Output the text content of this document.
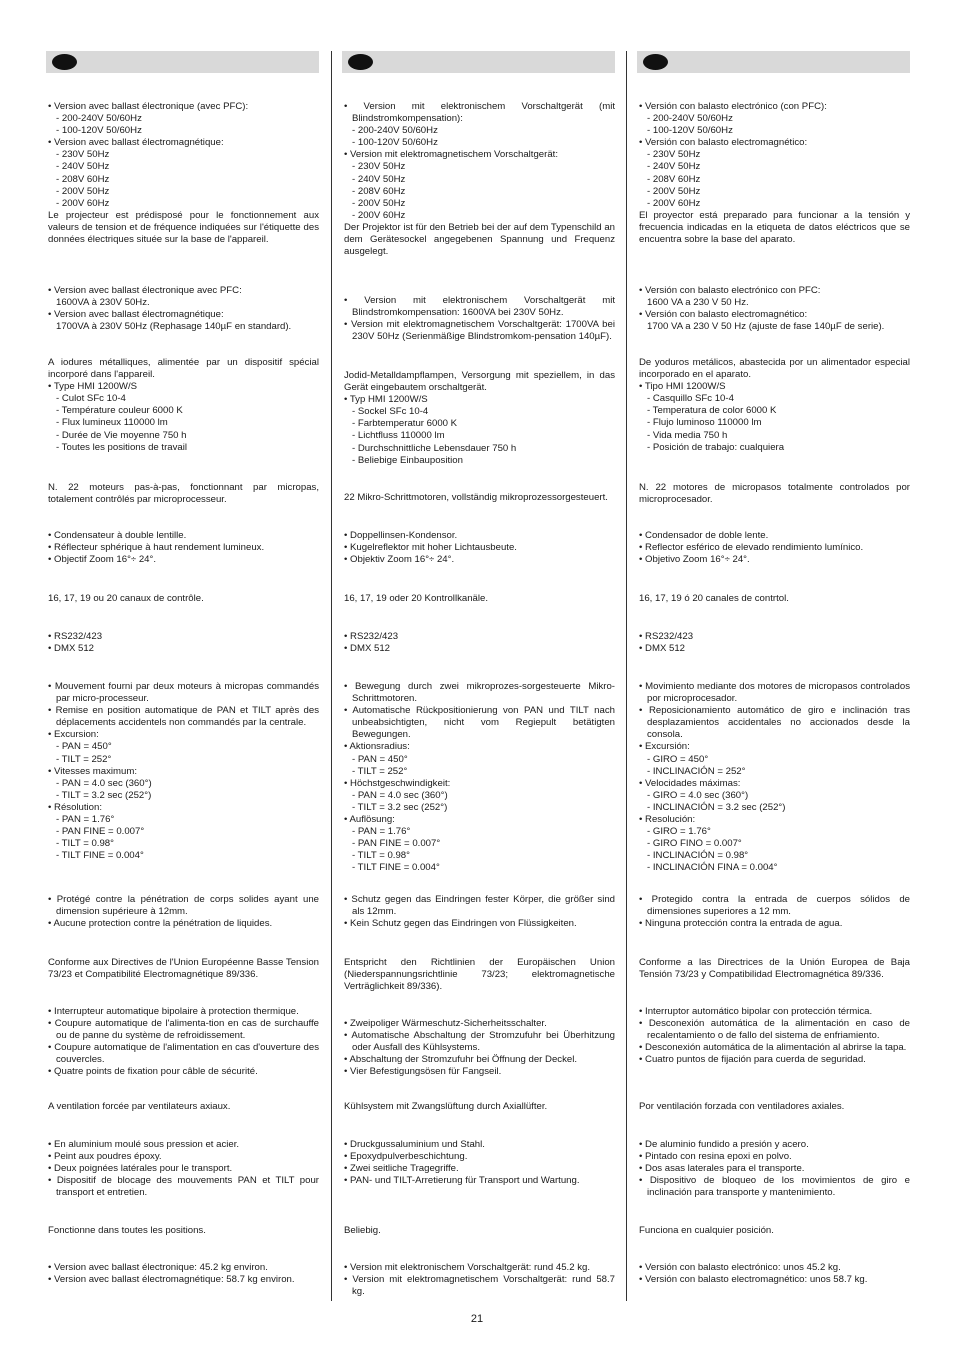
• Version avec ballast électronique (avec PFC):
- 200-240V 50/60Hz
- 100-120V 50/60Hz
• Version avec ballast électromagnétique:
- 230V 50Hz
- 240V 50Hz
- 208V 60Hz
- 200V 50Hz
- 200V 60Hz
Le projecteur est prédisposé pour le fonctionnement aux valeurs de tension et de fréquence indiquées sur l'étiquette des données électriques située sur la base de l'appareil.
• Version avec ballast électronique avec PFC:
1600VA à 230V 50Hz.
• Version avec ballast électromagnétique:
1700VA à 230V 50Hz (Rephasage 140µF en standard).
A iodures métalliques, alimentée par un dispositif spécial incorporé dans l'appareil.
• Type HMI 1200W/S
- Culot SFc 10-4
- Température couleur 6000 K
- Flux lumineux 110000 lm
- Durée de Vie moyenne 750 h
- Toutes les positions de travail
N. 22 moteurs pas-à-pas, fonctionnant par micropas, totalement contrôlés par microprocesseur.
• Condensateur à double lentille.
• Réflecteur sphérique à haut rendement lumineux.
• Objectif Zoom 16°÷ 24°.
16, 17, 19 ou 20 canaux de contrôle.
• RS232/423
• DMX 512
• Mouvement fourni par deux moteurs à micropas commandés par micro-processeur.
• Remise en position automatique de PAN et TILT après des déplacements accidentels non commandés par la centrale.
• Excursion:
- PAN = 450°
- TILT = 252°
• Vitesses maximum:
- PAN = 4.0 sec (360°)
- TILT = 3.2 sec (252°)
• Résolution:
- PAN = 1.76°
- PAN FINE = 0.007°
- TILT = 0.98°
- TILT FINE = 0.004°
• Protégé contre la pénétration de corps solides ayant une dimension supérieure à 12mm.
• Aucune protection contre la pénétration de liquides.
Conforme aux Directives de l'Union Européenne Basse Tension 73/23 et Compatibilité Electromagnétique 89/336.
• Interrupteur automatique bipolaire à protection thermique.
• Coupure automatique de l'alimenta-tion en cas de surchauffe ou de panne du système de refroidissement.
• Coupure automatique de l'alimentation en cas d'ouverture des couvercles.
• Quatre points de fixation pour câble de sécurité.
A ventilation forcée par ventilateurs axiaux.
• En aluminium moulé sous pression et acier.
• Peint aux poudres époxy.
• Deux poignées latérales pour le transport.
• Dispositif de blocage des mouvements PAN et TILT pour transport et entretien.
Fonctionne dans toutes les positions.
• Version avec ballast électronique: 45.2 kg environ.
• Version avec ballast électromagnétique: 58.7 kg environ.
• Version mit elektronischem Vorschaltgerät (mit Blindstromkompensation):
- 200-240V 50/60Hz
- 100-120V 50/60Hz
• Version mit elektromagnetischem Vorschaltgerät:
- 230V 50Hz
- 240V 50Hz
- 208V 60Hz
- 200V 50Hz
- 200V 60Hz
Der Projektor ist für den Betrieb bei der auf dem Typenschild an dem Gerätesockel angegebenen Spannung und Frequenz ausgelegt.
• Version mit elektronischem Vorschaltgerät mit Blindstromkompensation: 1600VA bei 230V 50Hz.
• Version mit elektromagnetischem Vorschaltgerät: 1700VA bei 230V 50Hz (Serienmäßige Blindstromkom-pensation 140µF).
Jodid-Metalldampflampen, Versorgung mit speziellem, in das Gerät eingebautem orschaltgerät.
• Typ HMI 1200W/S
- Sockel SFc 10-4
- Farbtemperatur 6000 K
- Lichtfluss 110000 lm
- Durchschnittliche Lebensdauer 750 h
- Beliebige Einbauposition
22 Mikro-Schrittmotoren, vollständig mikroprozessorgesteuert.
• Doppellinsen-Kondensor.
• Kugelreflektor mit hoher Lichtausbeute.
• Objektiv Zoom 16°÷ 24°.
16, 17, 19 oder 20 Kontrollkanäle.
• RS232/423
• DMX 512
• Bewegung durch zwei mikroprozes-sorgesteuerte Mikro-Schrittmotoren.
• Automatische Rückpositionierung von PAN und TILT nach unbeabsichtigten, nicht vom Regiepult betätigten Bewegungen.
• Aktionsradius:
- PAN = 450°
- TILT = 252°
• Höchstgeschwindigkeit:
- PAN = 4.0 sec (360°)
- TILT = 3.2 sec (252°)
• Auflösung:
- PAN = 1.76°
- PAN FINE = 0.007°
- TILT = 0.98°
- TILT FINE = 0.004°
• Schutz gegen das Eindringen fester Körper, die größer sind als 12mm.
• Kein Schutz gegen das Eindringen von Flüssigkeiten.
Entspricht den Richtlinien der Europäischen Union (Niederspannungsrichtlinie 73/23; elektromagnetische Verträglichkeit 89/336).
• Zweipoliger Wärmeschutz-Sicherheitsschalter.
• Automatische Abschaltung der Stromzufuhr bei Überhitzung oder Ausfall des Kühlsystems.
• Abschaltung der Stromzufuhr bei Öffnung der Deckel.
• Vier Befestigungsösen für Fangseil.
Kühlsystem mit Zwangslüftung durch Axiallüfter.
• Druckgussaluminium und Stahl.
• Epoxydpulverbeschichtung.
• Zwei seitliche Tragegriffe.
• PAN- und TILT-Arretierung für Transport und Wartung.
Beliebig.
• Version mit elektronischem Vorschaltgerät: rund 45.2 kg.
• Version mit elektromagnetischem Vorschaltgerät: rund 58.7 kg.
• Versión con balasto electrónico (con PFC):
- 200-240V 50/60Hz
- 100-120V 50/60Hz
• Versión con balasto electromagnético:
- 230V 50Hz
- 240V 50Hz
- 208V 60Hz
- 200V 50Hz
- 200V 60Hz
El proyector está preparado para funcionar a la tensión y frecuencia indicadas en la etiqueta de datos eléctricos que se encuentra sobre la base del aparato.
• Versión con balasto electrónico con PFC:
1600 VA a 230 V 50 Hz.
• Versión con balasto electromagnético:
1700 VA a 230 V 50 Hz (ajuste de fase 140µF de serie).
De yoduros metálicos, abastecida por un alimentador especial incorporado en el aparato.
• Tipo HMI 1200W/S
- Casquillo SFc 10-4
- Temperatura de color 6000 K
- Flujo luminoso 110000 lm
- Vida media 750 h
- Posición de trabajo: cualquiera
N. 22 motores de micropasos totalmente controlados por microprocesador.
• Condensador de doble lente.
• Reflector esférico de elevado rendimiento lumínico.
• Objetivo Zoom 16°÷ 24°.
16, 17, 19 ó 20 canales de contrtol.
• RS232/423
• DMX 512
• Movimiento mediante dos motores de micropasos controlados por microprocesador.
• Reposicionamiento automático de giro e inclinación tras desplazamientos accidentales no accionados desde la consola.
• Excursión:
- GIRO = 450°
- INCLINACIÓN = 252°
• Velocidades máximas:
- GIRO = 4.0 sec (360°)
- INCLINACIÓN = 3.2 sec (252°)
• Resolución:
- GIRO = 1.76°
- GIRO FINO = 0.007°
- INCLINACIÓN = 0.98°
- INCLINACIÓN FINA = 0.004°
• Protegido contra la entrada de cuerpos sólidos de dimensiones superiores a 12 mm.
• Ninguna protección contra la entrada de agua.
Conforme a las Directrices de la Unión Europea de Baja Tensión 73/23 y Compatibilidad Electromagnética 89/336.
• Interruptor automático bipolar con protección térmica.
• Desconexión automática de la alimentación en caso de recalentamiento o de fallo del sistema de enfriamiento.
• Desconexión automática de la alimentación al abrirse la tapa.
• Cuatro puntos de fijación para cuerda de seguridad.
Por ventilación forzada con ventiladores axiales.
• De aluminio fundido a presión y acero.
• Pintado con resina epoxi en polvo.
• Dos asas laterales para el transporte.
• Dispositivo de bloqueo de los movimientos de giro e inclinación para transporte y mantenimiento.
Funciona en cualquier posición.
• Versión con balasto electrónico: unos 45.2 kg.
• Versión con balasto electromagnético: unos 58.7 kg.
21
